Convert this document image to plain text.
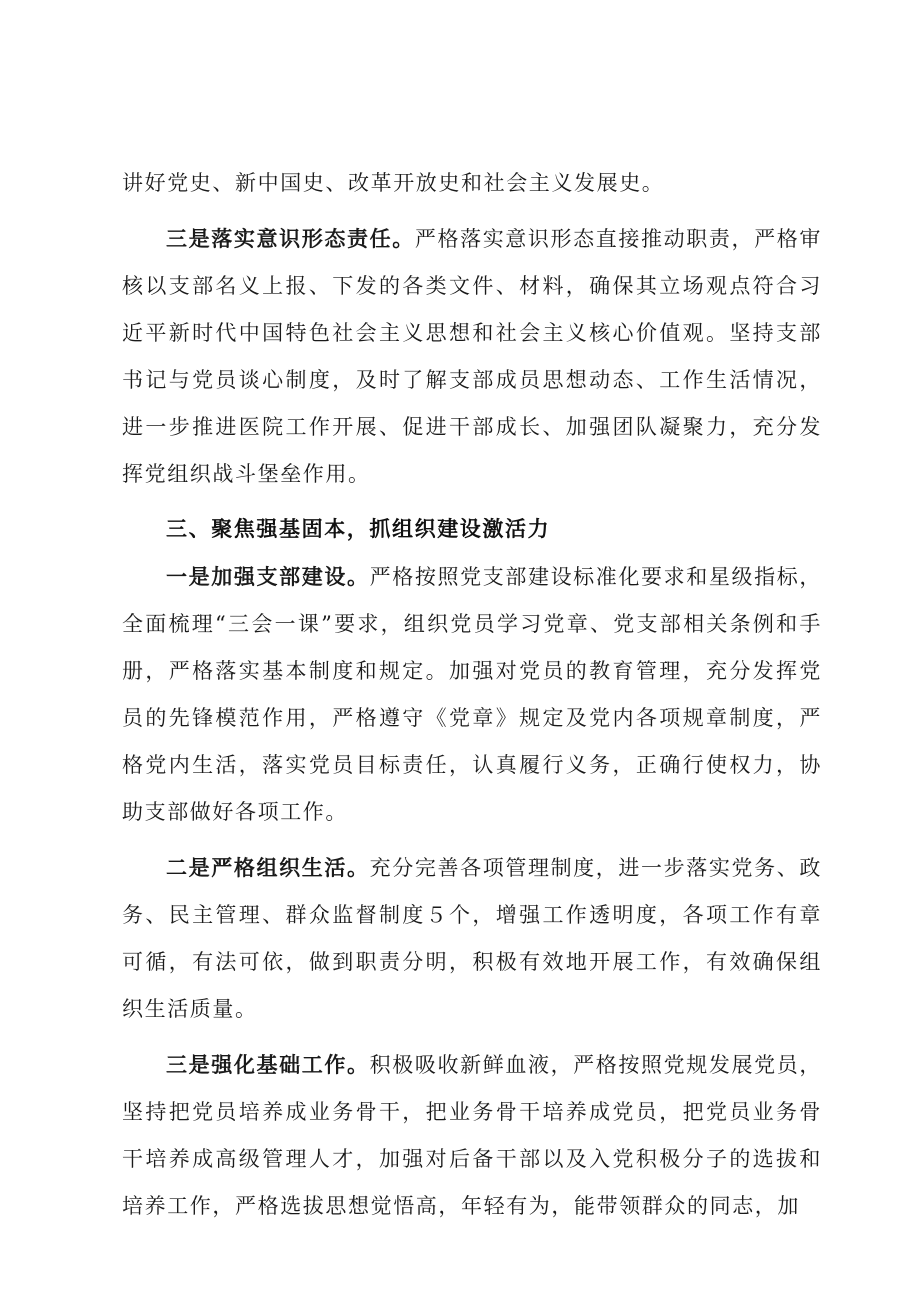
讲好党史、新中国史、改革开放史和社会主义发展史。

三是落实意识形态责任。严格落实意识形态直接推动职责，严格审核以支部名义上报、下发的各类文件、材料，确保其立场观点符合习近平新时代中国特色社会主义思想和社会主义核心价值观。坚持支部书记与党员谈心制度，及时了解支部成员思想动态、工作生活情况，进一步推进医院工作开展、促进干部成长、加强团队凝聚力，充分发挥党组织战斗堡垒作用。

三、聚焦强基固本，抓组织建设激活力

一是加强支部建设。严格按照党支部建设标准化要求和星级指标，全面梳理“三会一课”要求，组织党员学习党章、党支部相关条例和手册，严格落实基本制度和规定。加强对党员的教育管理，充分发挥党员的先锋模范作用，严格遵守《党章》规定及党内各项规章制度，严格党内生活，落实党员目标责任，认真履行义务，正确行使权力，协助支部做好各项工作。

二是严格组织生活。充分完善各项管理制度，进一步落实党务、政务、民主管理、群众监督制度５个，增强工作透明度，各项工作有章可循，有法可依，做到职责分明，积极有效地开展工作，有效确保组织生活质量。

三是强化基础工作。积极吸收新鲜血液，严格按照党规发展党员，坚持把党员培养成业务骨干，把业务骨干培养成党员，把党员业务骨干培养成高级管理人才，加强对后备干部以及入党积极分子的选拔和培养工作，严格选拔思想觉悟高，年轻有为，能带领群众的同志，加
